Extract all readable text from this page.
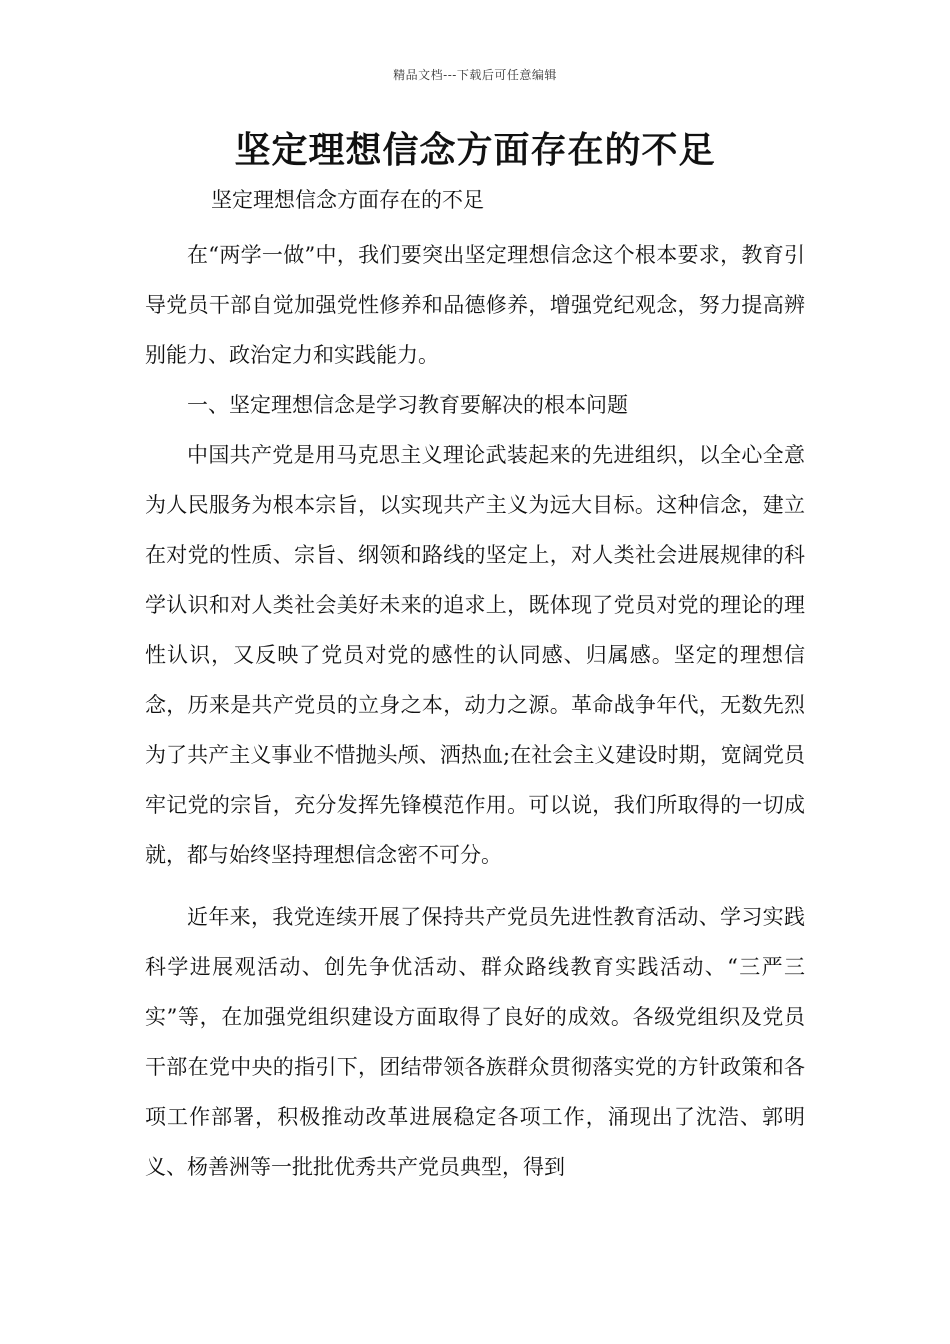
精品文档---下载后可任意编辑
坚定理想信念方面存在的不足
坚定理想信念方面存在的不足

在“两学一做”中，我们要突出坚定理想信念这个根本要求，教育引导党员干部自觉加强党性修养和品德修养，增强党纪观念，努力提高辨别能力、政治定力和实践能力。

一、坚定理想信念是学习教育要解决的根本问题

中国共产党是用马克思主义理论武装起来的先进组织，以全心全意为人民服务为根本宗旨，以实现共产主义为远大目标。这种信念，建立在对党的性质、宗旨、纲领和路线的坚定上，对人类社会进展规律的科学认识和对人类社会美好未来的追求上，既体现了党员对党的理论的理性认识，又反映了党员对党的感性的认同感、归属感。坚定的理想信念，历来是共产党员的立身之本，动力之源。革命战争年代，无数先烈为了共产主义事业不惜抛头颅、洒热血;在社会主义建设时期，宽阔党员牢记党的宗旨，充分发挥先锋模范作用。可以说，我们所取得的一切成就，都与始终坚持理想信念密不可分。

近年来，我党连续开展了保持共产党员先进性教育活动、学习实践科学进展观活动、创先争优活动、群众路线教育实践活动、“三严三实”等，在加强党组织建设方面取得了良好的成效。各级党组织及党员干部在党中央的指引下，团结带领各族群众贯彻落实党的方针政策和各项工作部署，积极推动改革进展稳定各项工作，涌现出了沈浩、郭明义、杨善洲等一批批优秀共产党员典型，得到
